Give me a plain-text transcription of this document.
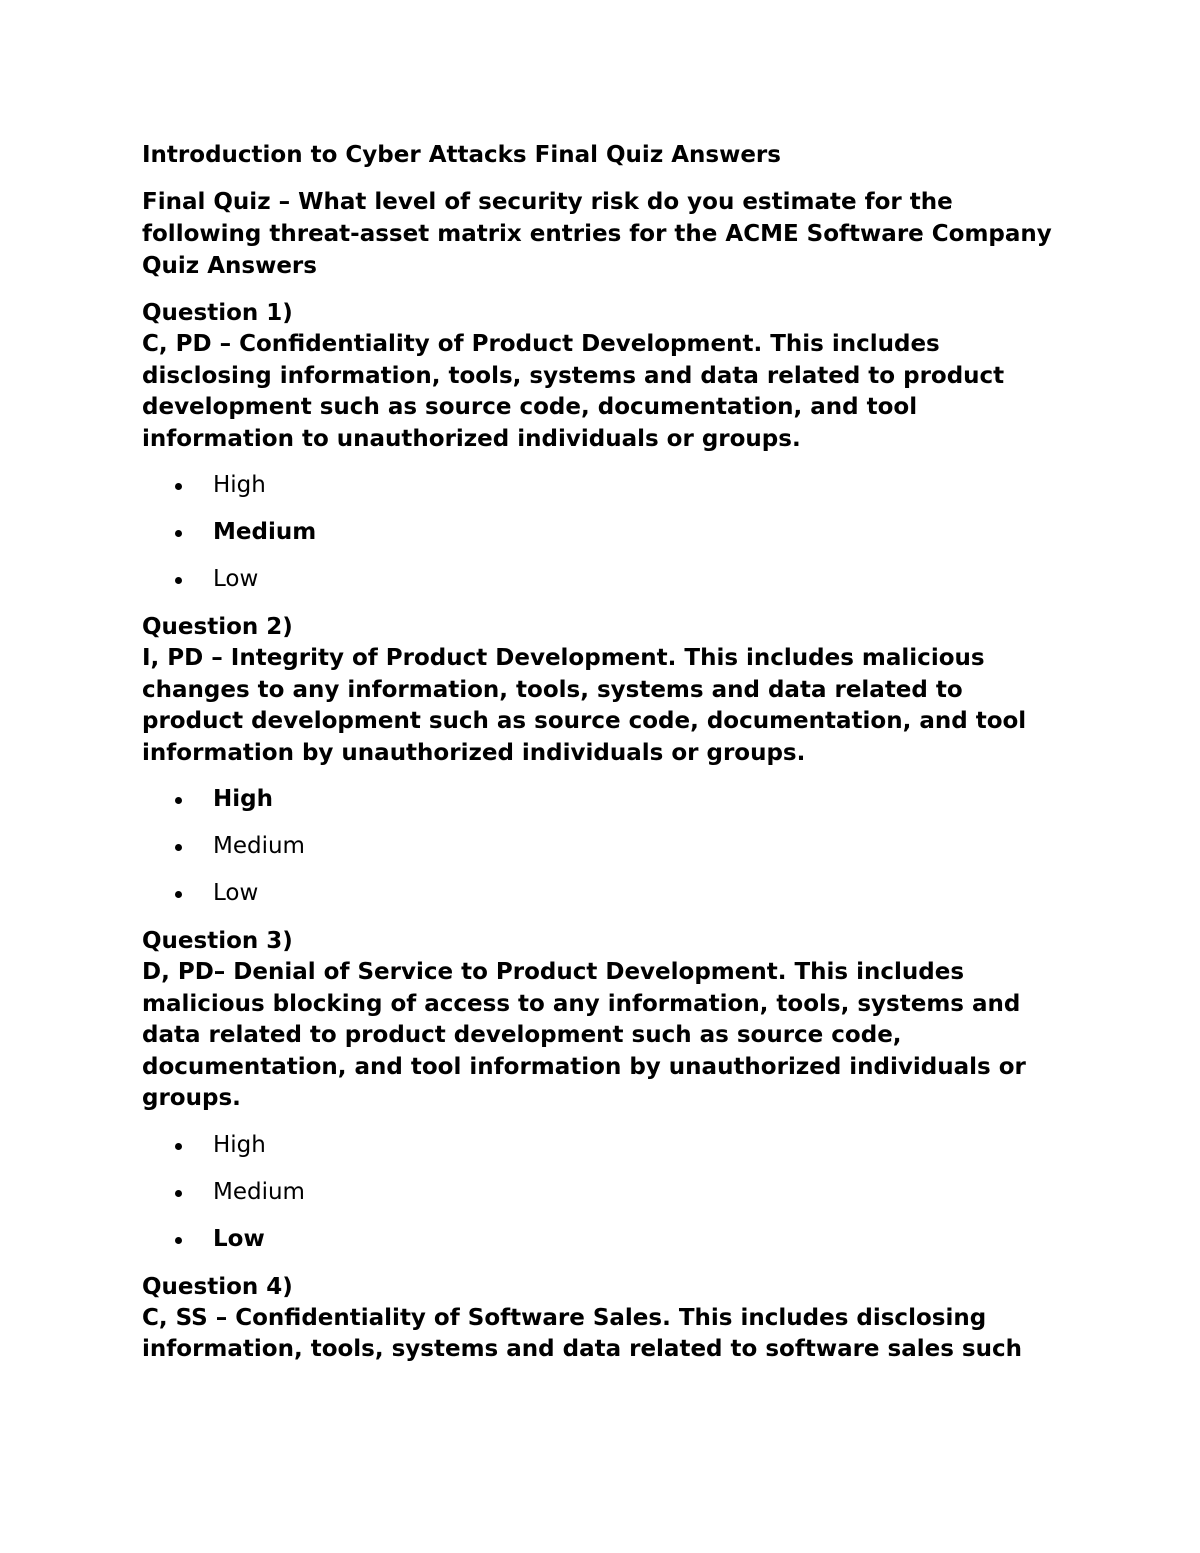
Introduction to Cyber Attacks Final Quiz Answers

Final Quiz – What level of security risk do you estimate for the following threat-asset matrix entries for the ACME Software Company Quiz Answers

Question 1)

C, PD – Confidentiality of Product Development. This includes disclosing information, tools, systems and data related to product development such as source code, documentation, and tool information to unauthorized individuals or groups.

High
Medium
Low

Question 2)

I, PD – Integrity of Product Development. This includes malicious changes to any information, tools, systems and data related to product development such as source code, documentation, and tool information by unauthorized individuals or groups.

High
Medium
Low

Question 3)

D, PD– Denial of Service to Product Development. This includes malicious blocking of access to any information, tools, systems and data related to product development such as source code, documentation, and tool information by unauthorized individuals or groups.

High
Medium
Low

Question 4)

C, SS – Confidentiality of Software Sales. This includes disclosing information, tools, systems and data related to software sales such
